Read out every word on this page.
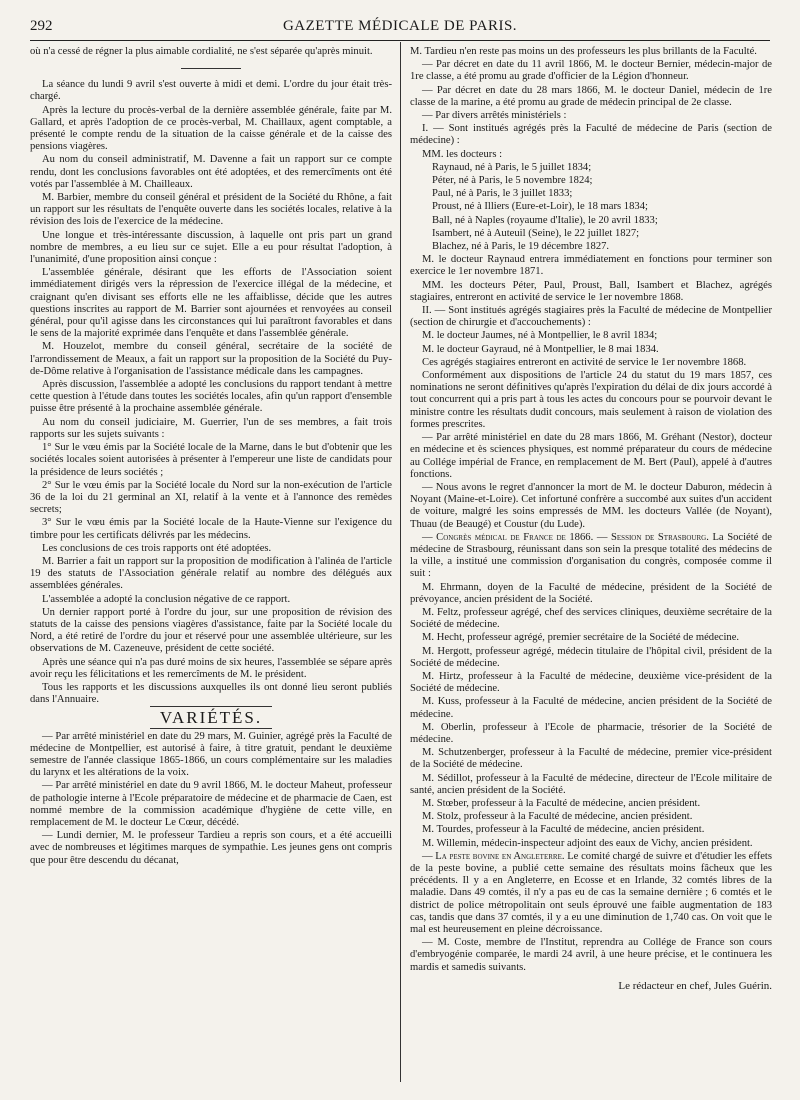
292	GAZETTE MÉDICALE DE PARIS.

où n'a cessé de régner la plus aimable cordialité, ne s'est séparée qu'après minuit.

La séance du lundi 9 avril s'est ouverte à midi et demi. L'ordre du jour était très-chargé.

Après la lecture du procès-verbal de la dernière assemblée générale, faite par M. Gallard, et après l'adoption de ce procès-verbal, M. Chaillaux, agent comptable, a présenté le compte rendu de la situation de la caisse générale et de la caisse des pensions viagères.

Au nom du conseil administratif, M. Davenne a fait un rapport sur ce compte rendu, dont les conclusions favorables ont été adoptées, et des remercîments ont été votés par l'assemblée à M. Chailleaux.

M. Barbier, membre du conseil général et président de la Société du Rhône, a fait un rapport sur les résultats de l'enquête ouverte dans les sociétés locales, relative à la révision des lois de l'exercice de la médecine.

Une longue et très-intéressante discussion, à laquelle ont pris part un grand nombre de membres, a eu lieu sur ce sujet. Elle a eu pour résultat l'adoption, à l'unanimité, d'une proposition ainsi conçue :

L'assemblée générale, désirant que les efforts de l'Association soient immédiatement dirigés vers la répression de l'exercice illégal de la médecine, et craignant qu'en divisant ses efforts elle ne les affaiblisse, décide que les autres questions inscrites au rapport de M. Barrier sont ajournées et renvoyées au conseil général, pour qu'il agisse dans les circonstances qui lui paraîtront favorables et dans le sens de la majorité exprimée dans l'enquête et dans l'assemblée générale.

M. Houzelot, membre du conseil général, secrétaire de la société de l'arrondissement de Meaux, a fait un rapport sur la proposition de la Société du Puy-de-Dôme relative à l'organisation de l'assistance médicale dans les campagnes.

Après discussion, l'assemblée a adopté les conclusions du rapport tendant à mettre cette question à l'étude dans toutes les sociétés locales, afin qu'un rapport d'ensemble puisse être présenté à la prochaine assemblée générale.

Au nom du conseil judiciaire, M. Guerrier, l'un de ses membres, a fait trois rapports sur les sujets suivants :

1° Sur le vœu émis par la Société locale de la Marne, dans le but d'obtenir que les sociétés locales soient autorisées à présenter à l'empereur une liste de candidats pour la présidence de leurs sociétés ;

2° Sur le vœu émis par la Société locale du Nord sur la non-exécution de l'article 36 de la loi du 21 germinal an XI, relatif à la vente et à l'annonce des remèdes secrets;

3° Sur le vœu émis par la Société locale de la Haute-Vienne sur l'exigence du timbre pour les certificats délivrés par les médecins.

Les conclusions de ces trois rapports ont été adoptées.

M. Barrier a fait un rapport sur la proposition de modification à l'alinéa de l'article 19 des statuts de l'Association générale relatif au nombre des délégués aux assemblées générales.

L'assemblée a adopté la conclusion négative de ce rapport.

Un dernier rapport porté à l'ordre du jour, sur une proposition de révision des statuts de la caisse des pensions viagères d'assistance, faite par la Société locale du Nord, a été retiré de l'ordre du jour et réservé pour une assemblée ultérieure, sur les observations de M. Cazeneuve, président de cette société.

Après une séance qui n'a pas duré moins de six heures, l'assemblée se sépare après avoir reçu les félicitations et les remercîments de M. le président.

Tous les rapports et les discussions auxquelles ils ont donné lieu seront publiés dans l'Annuaire.

VARIÉTÉS.

— Par arrêté ministériel en date du 29 mars, M. Guinier, agrégé près la Faculté de médecine de Montpellier, est autorisé à faire, à titre gratuit, pendant le deuxième semestre de l'année classique 1865-1866, un cours complémentaire sur les maladies du larynx et les altérations de la voix.

— Par arrêté ministériel en date du 9 avril 1866, M. le docteur Maheut, professeur de pathologie interne à l'Ecole préparatoire de médecine et de pharmacie de Caen, est nommé membre de la commission académique d'hygiène de cette ville, en remplacement de M. le docteur Le Cœur, décédé.

— Lundi dernier, M. le professeur Tardieu a repris son cours, et a été accueilli avec de nombreuses et légitimes marques de sympathie. Les jeunes gens ont compris que pour être descendu du décanat,

M. Tardieu n'en reste pas moins un des professeurs les plus brillants de la Faculté.

— Par décret en date du 11 avril 1866, M. le docteur Bernier, médecin-major de 1re classe, a été promu au grade d'officier de la Légion d'honneur.

— Par décret en date du 28 mars 1866, M. le docteur Daniel, médecin de 1re classe de la marine, a été promu au grade de médecin principal de 2e classe.

— Par divers arrêtés ministériels :

I. — Sont institués agrégés près la Faculté de médecine de Paris (section de médecine) :

MM. les docteurs :

Raynaud, né à Paris, le 5 juillet 1834;

Péter, né à Paris, le 5 novembre 1824;

Paul, né à Paris, le 3 juillet 1833;

Proust, né à Illiers (Eure-et-Loir), le 18 mars 1834;

Ball, né à Naples (royaume d'Italie), le 20 avril 1833;

Isambert, né à Auteuil (Seine), le 22 juillet 1827;

Blachez, né à Paris, le 19 décembre 1827.

M. le docteur Raynaud entrera immédiatement en fonctions pour terminer son exercice le 1er novembre 1871.

MM. les docteurs Péter, Paul, Proust, Ball, Isambert et Blachez, agrégés stagiaires, entreront en activité de service le 1er novembre 1868.

II. — Sont institués agrégés stagiaires près la Faculté de médecine de Montpellier (section de chirurgie et d'accouchements) :

M. le docteur Jaumes, né à Montpellier, le 8 avril 1834;

M. le docteur Gayraud, né à Montpellier, le 8 mai 1834.

Ces agrégés stagiaires entreront en activité de service le 1er novembre 1868.

Conformément aux dispositions de l'article 24 du statut du 19 mars 1857, ces nominations ne seront définitives qu'après l'expiration du délai de dix jours accordé à tout concurrent qui a pris part à tous les actes du concours pour se pourvoir devant le ministre contre les résultats dudit concours, mais seulement à raison de violation des formes prescrites.

— Par arrêté ministériel en date du 28 mars 1866, M. Gréhant (Nestor), docteur en médecine et ès sciences physiques, est nommé préparateur du cours de médecine au Collége impérial de France, en remplacement de M. Bert (Paul), appelé à d'autres fonctions.

— Nous avons le regret d'annoncer la mort de M. le docteur Daburon, médecin à Noyant (Maine-et-Loire). Cet infortuné confrère a succombé aux suites d'un accident de voiture, malgré les soins empressés de MM. les docteurs Vallée (de Noyant), Thuau (de Beaugé) et Coustur (du Lude).

— Congrès médical de France de 1866. — Session de Strasbourg. La Société de médecine de Strasbourg, réunissant dans son sein la presque totalité des médecins de la ville, a institué une commission d'organisation du congrès, composée comme il suit :

M. Ehrmann, doyen de la Faculté de médecine, président de la Société de prévoyance, ancien président de la Société.

M. Feltz, professeur agrégé, chef des services cliniques, deuxième secrétaire de la Société de médecine.

M. Hecht, professeur agrégé, premier secrétaire de la Société de médecine.

M. Hergott, professeur agrégé, médecin titulaire de l'hôpital civil, président de la Société de médecine.

M. Hirtz, professeur à la Faculté de médecine, deuxième vice-président de la Société de médecine.

M. Kuss, professeur à la Faculté de médecine, ancien président de la Société de médecine.

M. Oberlin, professeur à l'Ecole de pharmacie, trésorier de la Société de médecine.

M. Schutzenberger, professeur à la Faculté de médecine, premier vice-président de la Société de médecine.

M. Sédillot, professeur à la Faculté de médecine, directeur de l'Ecole militaire de santé, ancien président de la Société.

M. Stœber, professeur à la Faculté de médecine, ancien président.

M. Stolz, professeur à la Faculté de médecine, ancien président.

M. Tourdes, professeur à la Faculté de médecine, ancien président.

M. Willemin, médecin-inspecteur adjoint des eaux de Vichy, ancien président.

— La peste bovine en Angleterre. Le comité chargé de suivre et d'étudier les effets de la peste bovine, a publié cette semaine des résultats moins fâcheux que les précédents. Il y a en Angleterre, en Ecosse et en Irlande, 32 comtés libres de la maladie. Dans 49 comtés, il n'y a pas eu de cas la semaine dernière ; 6 comtés et le district de police métropolitain ont seuls éprouvé une faible augmentation de 183 cas, tandis que dans 37 comtés, il y a eu une diminution de 1,740 cas. On voit que le mal est heureusement en pleine décroissance.

— M. Coste, membre de l'Institut, reprendra au Collége de France son cours d'embryogénie comparée, le mardi 24 avril, à une heure précise, et le continuera les mardis et samedis suivants.

Le rédacteur en chef, Jules Guérin.
